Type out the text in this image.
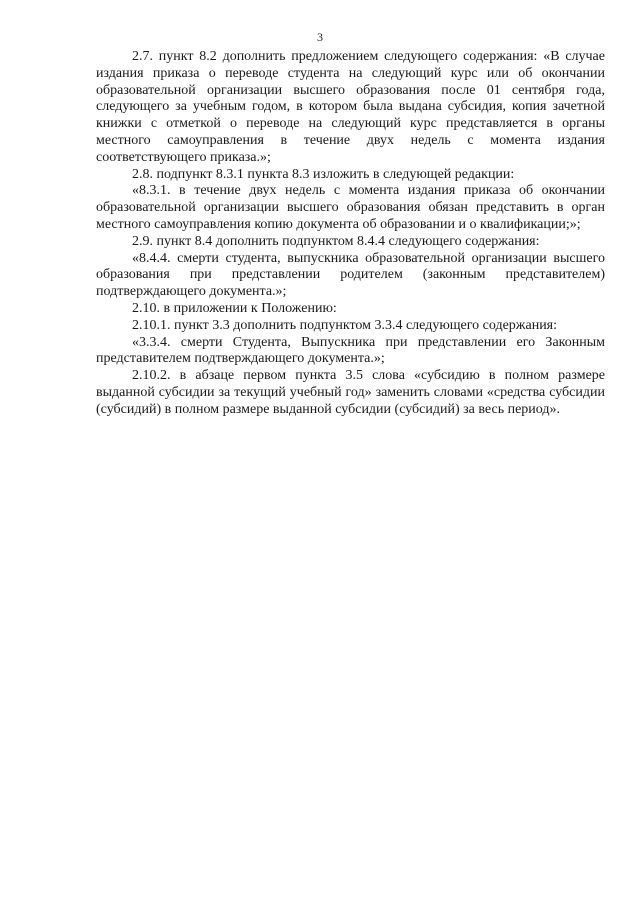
3

2.7. пункт 8.2 дополнить предложением следующего содержания: «В случае издания приказа о переводе студента на следующий курс или об окончании образовательной организации высшего образования после 01 сентября года, следующего за учебным годом, в котором была выдана субсидия, копия зачетной книжки с отметкой о переводе на следующий курс представляется в органы местного самоуправления в течение двух недель с момента издания соответствующего приказа.»;

2.8. подпункт 8.3.1 пункта 8.3 изложить в следующей редакции:

«8.3.1. в течение двух недель с момента издания приказа об окончании образовательной организации высшего образования обязан представить в орган местного самоуправления копию документа об образовании и о квалификации;»;

2.9. пункт 8.4 дополнить подпунктом 8.4.4 следующего содержания:

«8.4.4. смерти студента, выпускника образовательной организации высшего образования при представлении родителем (законным представителем) подтверждающего документа.»;

2.10. в приложении к Положению:

2.10.1. пункт 3.3 дополнить подпунктом 3.3.4 следующего содержания:

«3.3.4. смерти Студента, Выпускника при представлении его Законным представителем подтверждающего документа.»;

2.10.2. в абзаце первом пункта 3.5 слова «субсидию в полном размере выданной субсидии за текущий учебный год» заменить словами «средства субсидии (субсидий) в полном размере выданной субсидии (субсидий) за весь период».
